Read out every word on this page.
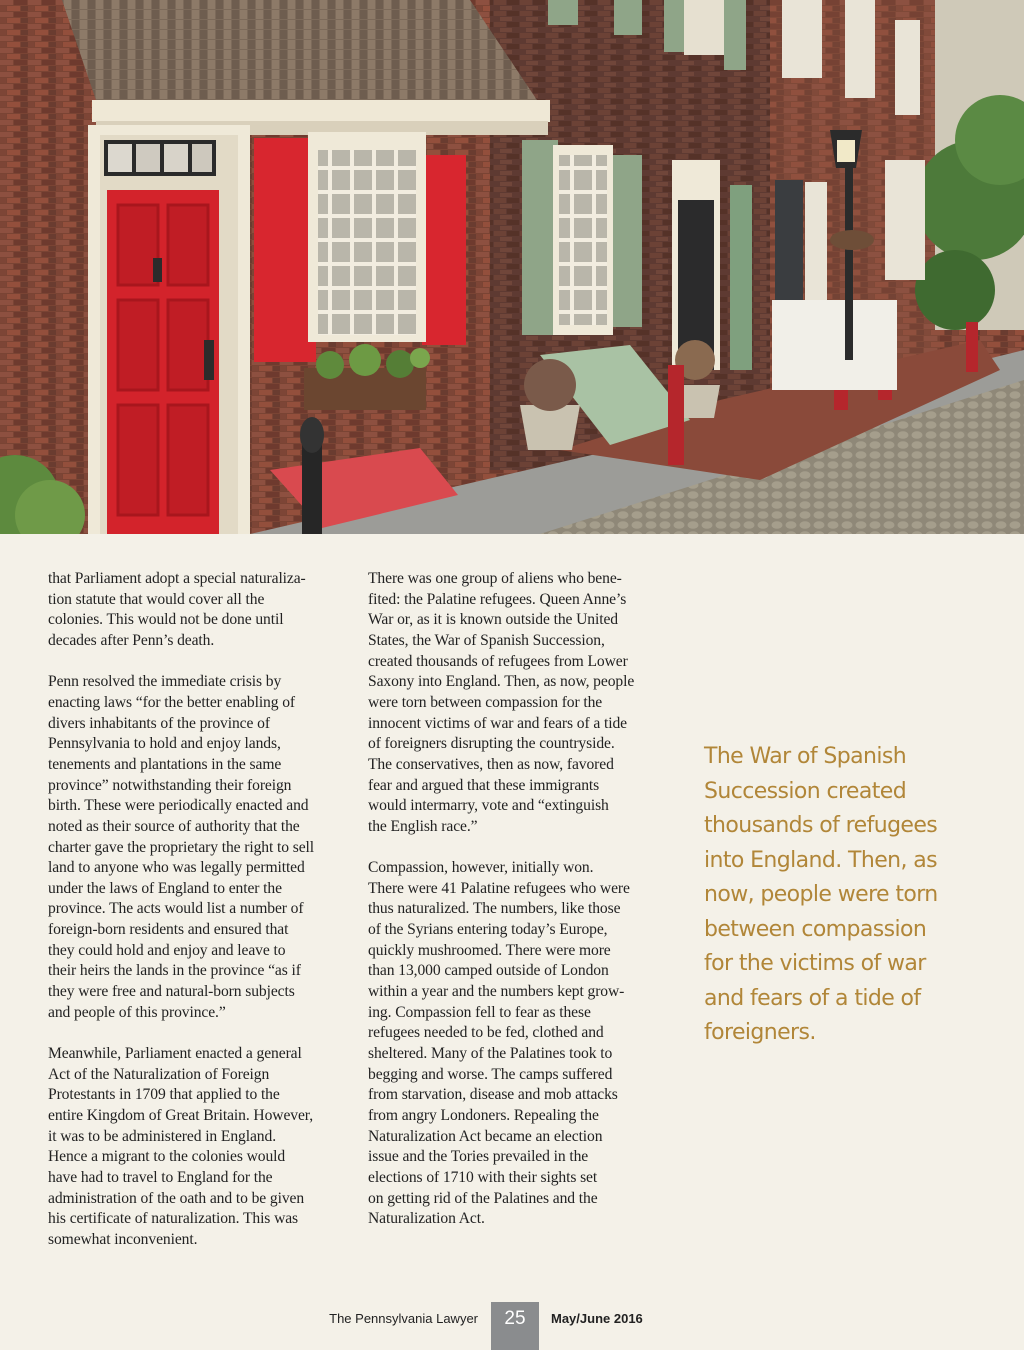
that Parliament adopt a special naturaliza-
tion statute that would cover all the
colonies. This would not be done until
decades after Penn’s death.

Penn resolved the immediate crisis by
enacting laws “for the better enabling of
divers inhabitants of the province of
Pennsylvania to hold and enjoy lands,
tenements and plantations in the same
province” notwithstanding their foreign
birth. These were periodically enacted and
noted as their source of authority that the
charter gave the proprietary the right to sell
land to anyone who was legally permitted
under the laws of England to enter the
province. The acts would list a number of
foreign-born residents and ensured that
they could hold and enjoy and leave to
their heirs the lands in the province “as if
they were free and natural-born subjects
and people of this province.”

Meanwhile, Parliament enacted a general
Act of the Naturalization of Foreign
Protestants in 1709 that applied to the
entire Kingdom of Great Britain. However,
it was to be administered in England.
Hence a migrant to the colonies would
have had to travel to England for the
administration of the oath and to be given
his certificate of naturalization. This was
somewhat inconvenient.

There was one group of aliens who bene-
fited: the Palatine refugees. Queen Anne’s
War or, as it is known outside the United
States, the War of Spanish Succession,
created thousands of refugees from Lower
Saxony into England. Then, as now, people
were torn between compassion for the
innocent victims of war and fears of a tide
of foreigners disrupting the countryside.
The conservatives, then as now, favored
fear and argued that these immigrants
would intermarry, vote and “extinguish
the English race.”

Compassion, however, initially won.
There were 41 Palatine refugees who were
thus naturalized. The numbers, like those
of the Syrians entering today’s Europe,
quickly mushroomed. There were more
than 13,000 camped outside of London
within a year and the numbers kept grow-
ing. Compassion fell to fear as these
refugees needed to be fed, clothed and
sheltered. Many of the Palatines took to
begging and worse. The camps suffered
from starvation, disease and mob attacks
from angry Londoners. Repealing the
Naturalization Act became an election
issue and the Tories prevailed in the
elections of 1710 with their sights set
on getting rid of the Palatines and the
Naturalization Act.

The War of Spanish
Succession created
thousands of refugees
into England. Then, as
now, people were torn
between compassion
for the victims of war
and fears of a tide of
foreigners.
The Pennsylvania Lawyer	25	May/June 2016
